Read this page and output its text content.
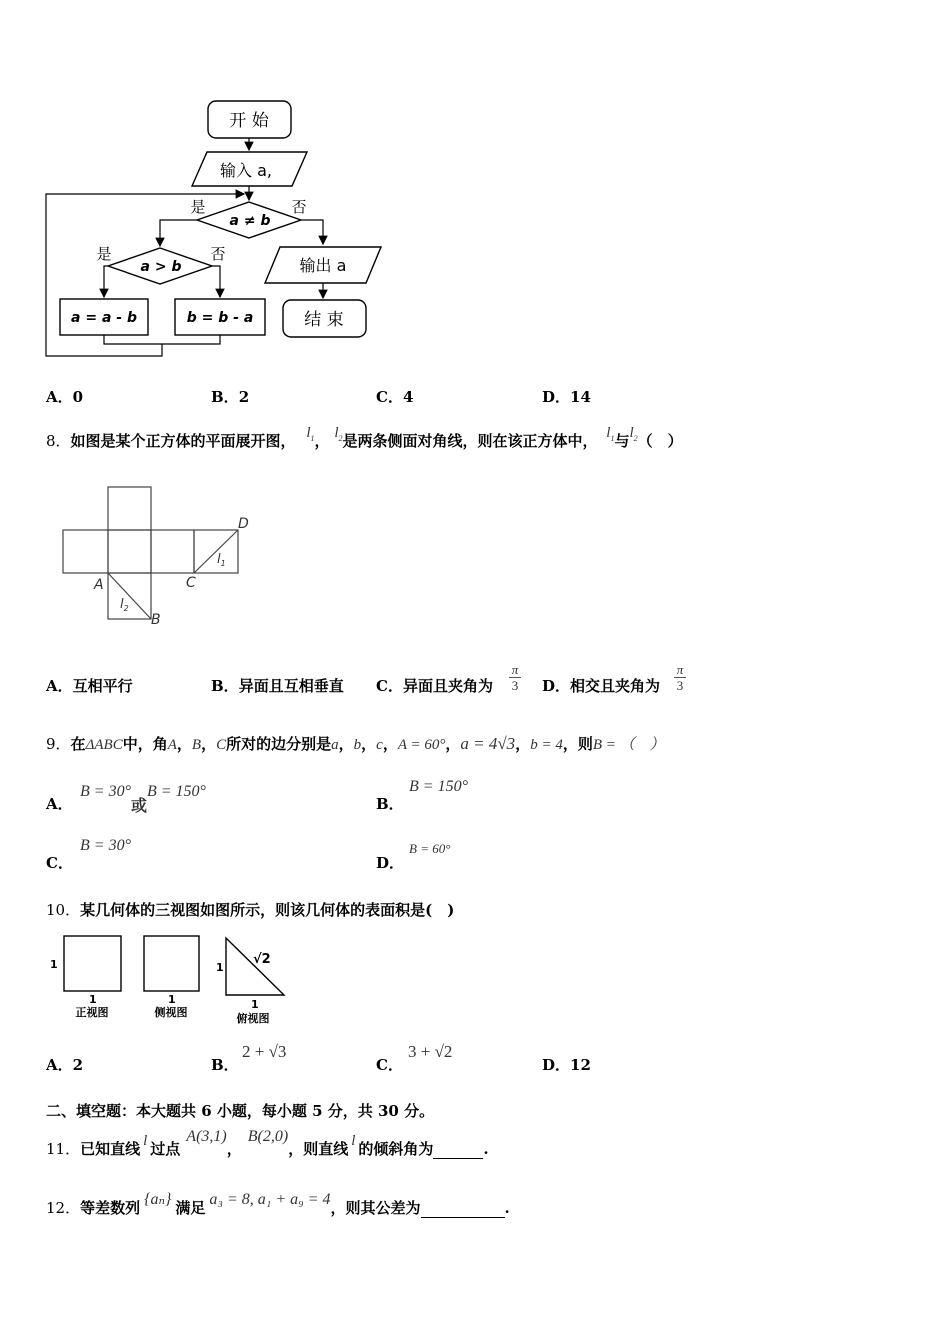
开 始
输入 a,
a ≠ b
是	否
a > b
是	否
a = a - b	b = b - a
输出 a
结 束
A．0	B．2	C．4	D．14
8．如图是某个正方体的平面展开图， $l_1$， $l_2$是两条侧面对角线，则在该正方体中， $l_1$与$l_2$（　）
D
C
A
B
$l_1$
$l_2$
A．互相平行	B．异面且互相垂直 C．异面且夹角为
π
3 D．相交且夹角为
π
3
9．在ΔABC中，角A，B，C所对的边分别是a，b，c，A = 60°，a = 4√3，b = 4，则B = （　）
A．
B = 30°或B = 150°
B．
B = 150°
C．
B = 30°
D．
B = 60°
10．某几何体的三视图如图所示，则该几何体的表面积是(　)
1
1
正视图
1
侧视图
1
√2
1
俯视图
A．2	B．
2 + √3
C．
3 + √2
D．12
二、填空题：本大题共 6 小题，每小题 5 分，共 30 分。
11．已知直线 l 过点A(3,1)，B(2,0)，则直线 l 的倾斜角为	.
12．等差数列 {aₙ} 满足 a₃ = 8, a₁ + a₉ = 4，则其公差为	.
